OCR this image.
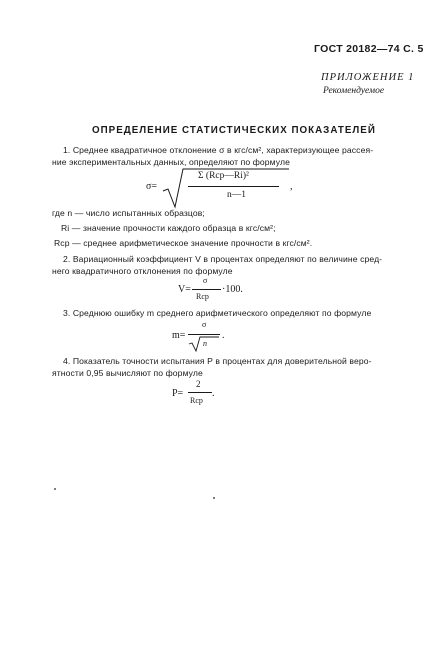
ГОСТ 20182—74 С. 5
ПРИЛОЖЕНИЕ 1
Рекомендуемое
ОПРЕДЕЛЕНИЕ СТАТИСТИЧЕСКИХ ПОКАЗАТЕЛЕЙ
1. Среднее квадратичное отклонение σ в кгс/см², характеризующее рассея-
ние экспериментальных данных, определяют по формуле
σ=
Σ (Rср—Ri)²
n—1
,
где n — число испытанных образцов;
Ri — значение прочности каждого образца в кгс/см²;
Rср — среднее арифметическое значение прочности в кгс/см².
2. Вариационный коэффициент V в процентах определяют по величине сред-
него квадратичного отклонения по формуле
V=
σ
Rср
·100.
3. Среднюю ошибку m среднего арифметического определяют по формуле
m=
σ
n
.
4. Показатель точности испытания P в процентах для доверительной веро-
ятности 0,95 вычисляют по формуле
P=
2
Rср
.
